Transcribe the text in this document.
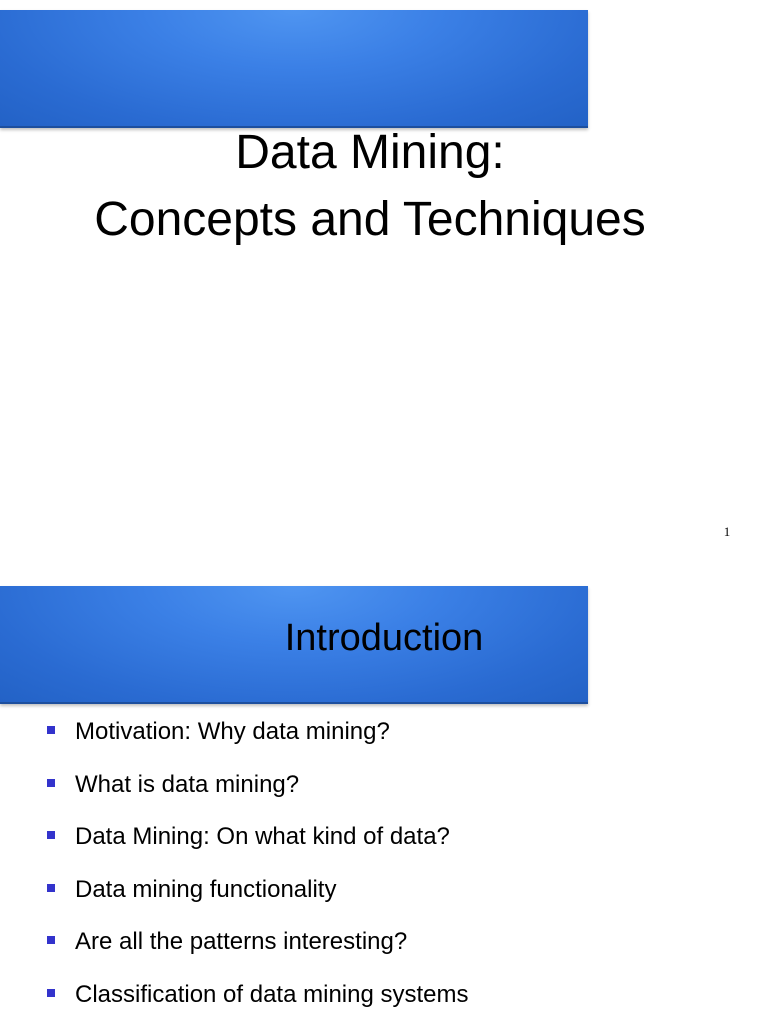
Data Mining:
Concepts and Techniques
1
Introduction
Motivation: Why data mining?
What is data mining?
Data Mining: On what kind of data?
Data mining functionality
Are all the patterns interesting?
Classification of data mining systems
